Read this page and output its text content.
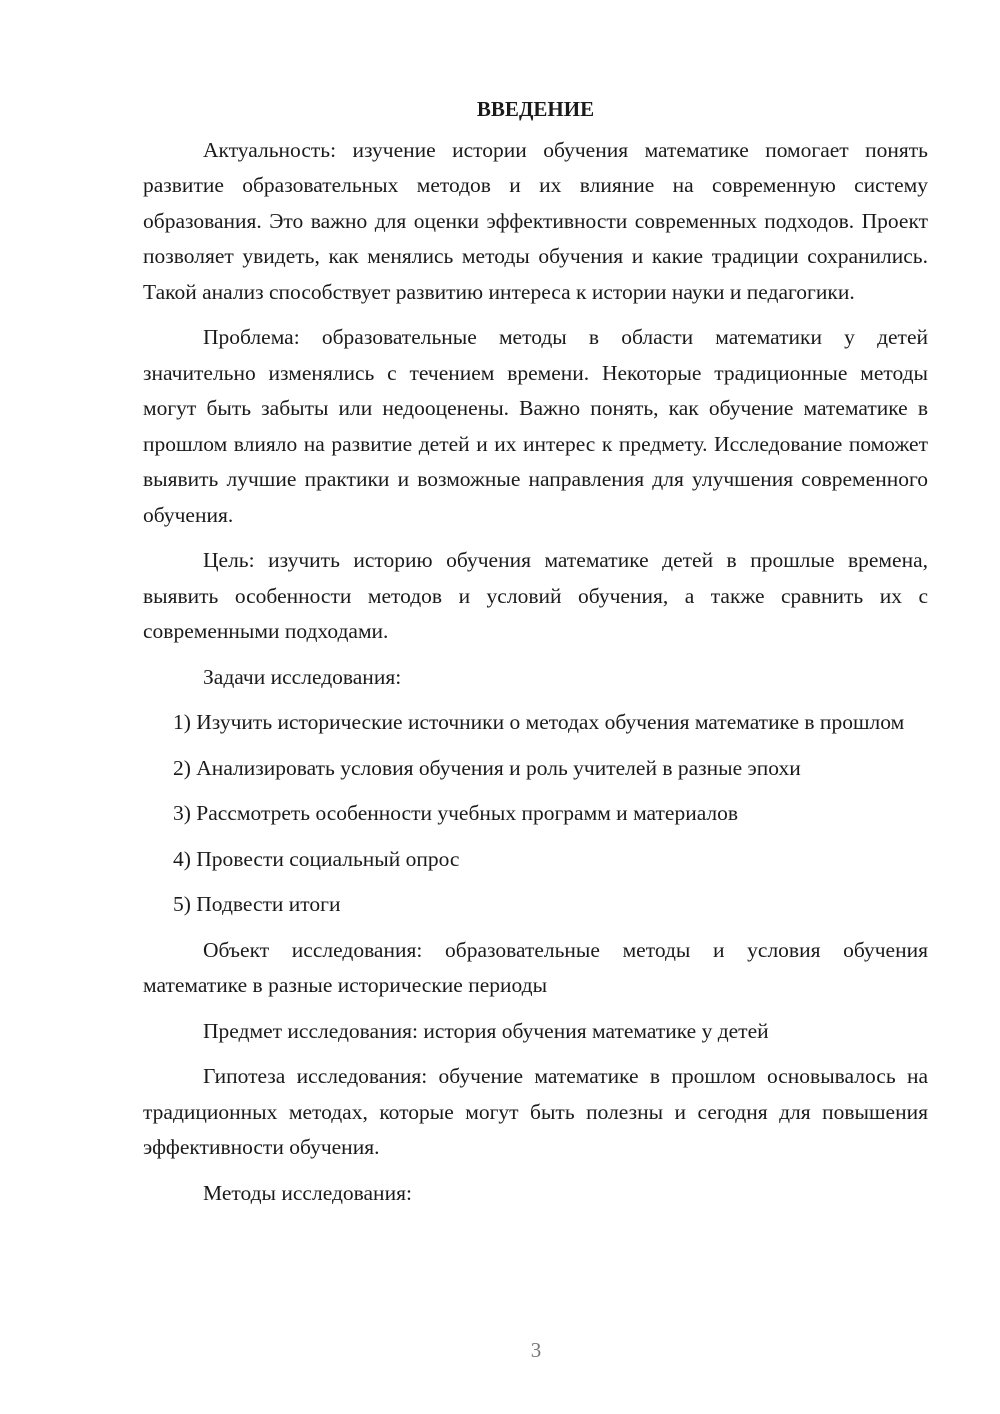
ВВЕДЕНИЕ

Актуальность: изучение истории обучения математике помогает понять развитие образовательных методов и их влияние на современную систему образования. Это важно для оценки эффективности современных подходов. Проект позволяет увидеть, как менялись методы обучения и какие традиции сохранились. Такой анализ способствует развитию интереса к истории науки и педагогики.

Проблема: образовательные методы в области математики у детей значительно изменялись с течением времени. Некоторые традиционные методы могут быть забыты или недооценены. Важно понять, как обучение математике в прошлом влияло на развитие детей и их интерес к предмету. Исследование поможет выявить лучшие практики и возможные направления для улучшения современного обучения.

Цель: изучить историю обучения математике детей в прошлые времена, выявить особенности методов и условий обучения, а также сравнить их с современными подходами.

Задачи исследования:

1) Изучить исторические источники о методах обучения математике в прошлом

2) Анализировать условия обучения и роль учителей в разные эпохи

3) Рассмотреть особенности учебных программ и материалов

4) Провести социальный опрос

5) Подвести итоги

Объект исследования: образовательные методы и условия обучения математике в разные исторические периоды

Предмет исследования: история обучения математике у детей

Гипотеза исследования: обучение математике в прошлом основывалось на традиционных методах, которые могут быть полезны и сегодня для повышения эффективности обучения.

Методы исследования:

3
